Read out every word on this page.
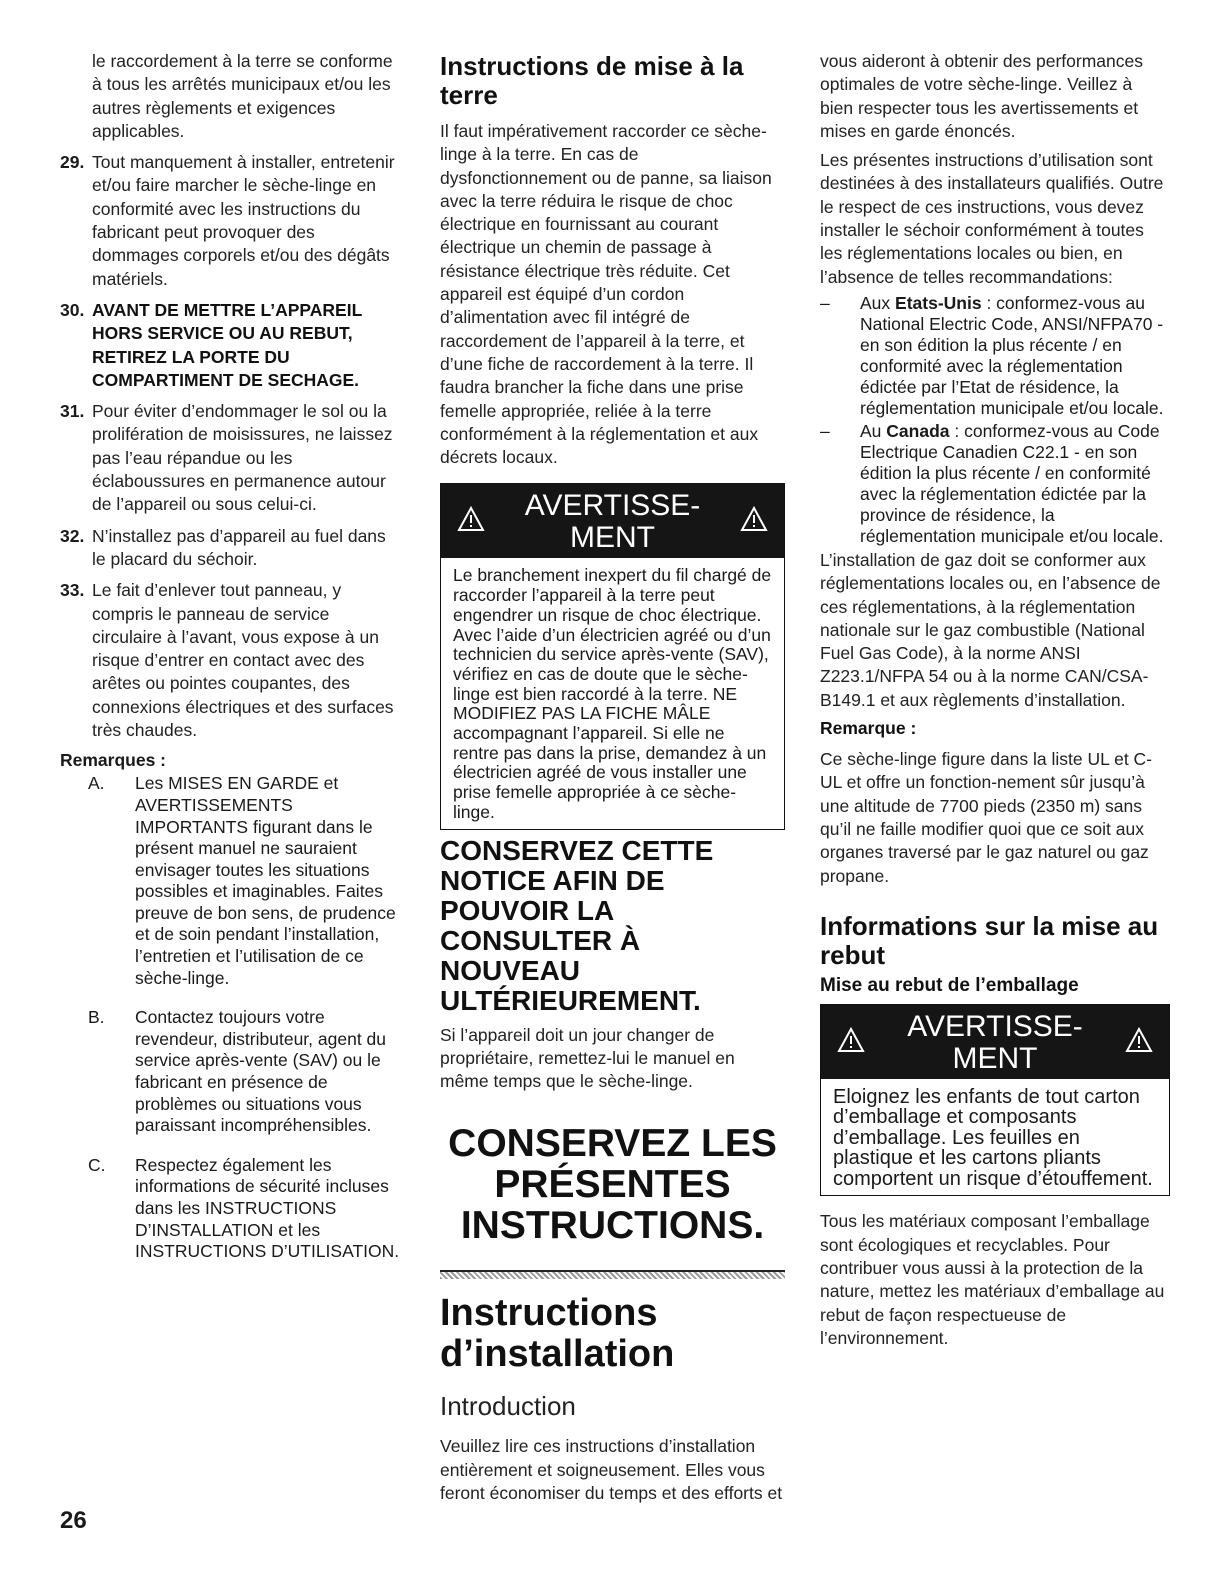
le raccordement à la terre se conforme à tous les arrêtés municipaux et/ou les autres règlements et exigences applicables.

29. Tout manquement à installer, entretenir et/ou faire marcher le sèche-linge en conformité avec les instructions du fabricant peut provoquer des dommages corporels et/ou des dégâts matériels.

30. AVANT DE METTRE L’APPAREIL HORS SERVICE OU AU REBUT, RETIREZ LA PORTE DU COMPARTIMENT DE SECHAGE.

31. Pour éviter d’endommager le sol ou la prolifération de moisissures, ne laissez pas l’eau répandue ou les éclaboussures en permanence autour de l’appareil ou sous celui-ci.

32. N’installez pas d’appareil au fuel dans le placard du séchoir.

33. Le fait d’enlever tout panneau, y compris le panneau de service circulaire à l’avant, vous expose à un risque d’entrer en contact avec des arêtes ou pointes coupantes, des connexions électriques et des surfaces très chaudes.

Remarques :
A. Les MISES EN GARDE et AVERTISSEMENTS IMPORTANTS figurant dans le présent manuel ne sauraient envisager toutes les situations possibles et imaginables. Faites preuve de bon sens, de prudence et de soin pendant l’installation, l’entretien et l’utilisation de ce sèche-linge.
B. Contactez toujours votre revendeur, distributeur, agent du service après-vente (SAV) ou le fabricant en présence de problèmes ou situations vous paraissant incompréhensibles.
C. Respectez également les informations de sécurité incluses dans les INSTRUCTIONS D’INSTALLATION et les INSTRUCTIONS D’UTILISATION.
Instructions de mise à la terre

Il faut impérativement raccorder ce sèche-linge à la terre. En cas de dysfonctionnement ou de panne, sa liaison avec la terre réduira le risque de choc électrique en fournissant au courant électrique un chemin de passage à résistance électrique très réduite. Cet appareil est équipé d’un cordon d’alimentation avec fil intégré de raccordement de l’appareil à la terre, et d’une fiche de raccordement à la terre. Il faudra brancher la fiche dans une prise femelle appropriée, reliée à la terre conformément à la réglementation et aux décrets locaux.

AVERTISSE-
MENT
Le branchement inexpert du fil chargé de raccorder l’appareil à la terre peut engendrer un risque de choc électrique. Avec l’aide d’un électricien agréé ou d’un technicien du service après-vente (SAV), vérifiez en cas de doute que le sèche-linge est bien raccordé à la terre. NE MODIFIEZ PAS LA FICHE MÂLE accompagnant l’appareil. Si elle ne rentre pas dans la prise, demandez à un électricien agréé de vous installer une prise femelle appropriée à ce sèche-linge.
CONSERVEZ CETTE NOTICE AFIN DE POUVOIR LA CONSULTER À NOUVEAU ULTÉRIEUREMENT.

Si l’appareil doit un jour changer de propriétaire, remettez-lui le manuel en même temps que le sèche-linge.

CONSERVEZ LES PRÉSENTES INSTRUCTIONS.

Instructions d’installation
Introduction

Veuillez lire ces instructions d’installation entièrement et soigneusement. Elles vous feront économiser du temps et des efforts et

vous aideront à obtenir des performances optimales de votre sèche-linge. Veillez à bien respecter tous les avertissements et mises en garde énoncés.

Les présentes instructions d’utilisation sont destinées à des installateurs qualifiés. Outre le respect de ces instructions, vous devez installer le séchoir conformément à toutes les réglementations locales ou bien, en l’absence de telles recommandations:

– Aux Etats-Unis : conformez-vous au National Electric Code, ANSI/NFPA70 - en son édition la plus récente / en conformité avec la réglementation édictée par l’Etat de résidence, la réglementation municipale et/ou locale.
– Au Canada : conformez-vous au Code Electrique Canadien C22.1 - en son édition la plus récente / en conformité avec la réglementation édictée par la province de résidence, la réglementation municipale et/ou locale.

L’installation de gaz doit se conformer aux réglementations locales ou, en l’absence de ces réglementations, à la réglementation nationale sur le gaz combustible (National Fuel Gas Code), à la norme ANSI Z223.1/NFPA 54 ou à la norme CAN/CSA-B149.1 et aux règlements d’installation.

Remarque :

Ce sèche-linge figure dans la liste UL et C-UL et offre un fonction-nement sûr jusqu’à une altitude de 7700 pieds (2350 m) sans qu’il ne faille modifier quoi que ce soit aux organes traversé par le gaz naturel ou gaz propane.

Informations sur la mise au rebut
Mise au rebut de l’emballage
AVERTISSE-
MENT
Eloignez les enfants de tout carton d’emballage et composants d’emballage. Les feuilles en plastique et les cartons pliants comportent un risque d’étouffement.

Tous les matériaux composant l’emballage sont écologiques et recyclables. Pour contribuer vous aussi à la protection de la nature, mettez les matériaux d’emballage au rebut de façon respectueuse de l’environnement.

26
